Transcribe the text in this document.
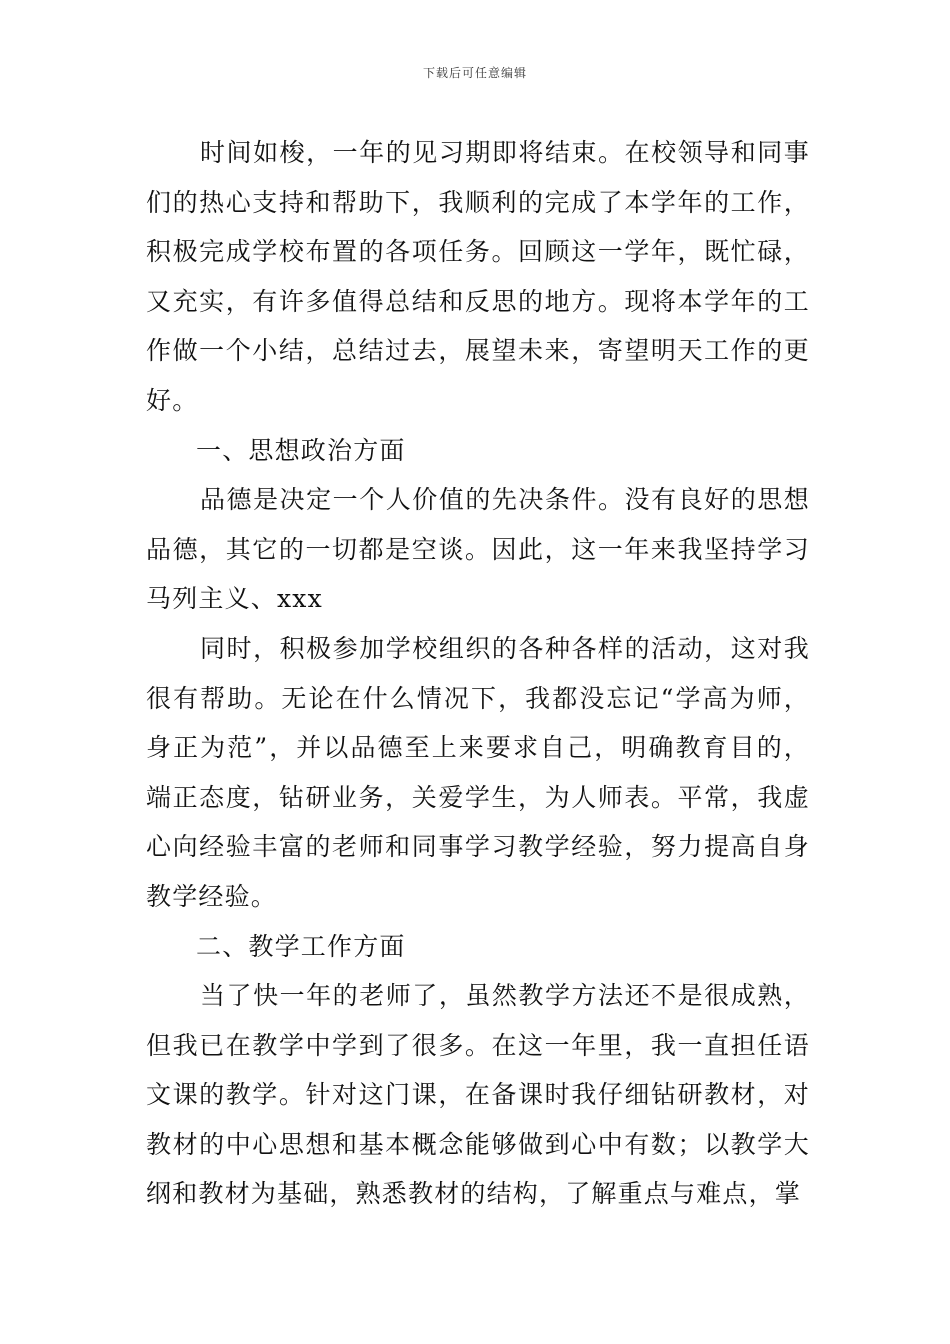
下载后可任意编辑

时间如梭，一年的见习期即将结束。在校领导和同事们的热心支持和帮助下，我顺利的完成了本学年的工作，积极完成学校布置的各项任务。回顾这一学年，既忙碌，又充实，有许多值得总结和反思的地方。现将本学年的工作做一个小结，总结过去，展望未来，寄望明天工作的更好。

一、思想政治方面

品德是决定一个人价值的先决条件。没有良好的思想品德，其它的一切都是空谈。因此，这一年来我坚持学习马列主义、xxx

同时，积极参加学校组织的各种各样的活动，这对我很有帮助。无论在什么情况下，我都没忘记“学高为师，身正为范”，并以品德至上来要求自己，明确教育目的，端正态度，钻研业务，关爱学生，为人师表。平常，我虚心向经验丰富的老师和同事学习教学经验，努力提高自身教学经验。

二、教学工作方面

当了快一年的老师了，虽然教学方法还不是很成熟，但我已在教学中学到了很多。在这一年里，我一直担任语文课的教学。针对这门课，在备课时我仔细钻研教材，对教材的中心思想和基本概念能够做到心中有数；以教学大纲和教材为基础，熟悉教材的结构，了解重点与难点，掌
